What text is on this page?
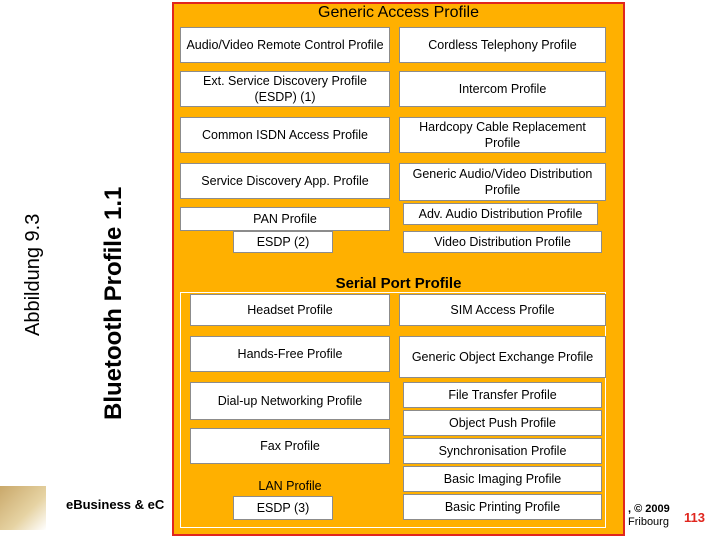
Abbildung 9.3 Bluetooth Profile 1.1
Generic Access Profile
Audio/Video Remote Control Profile
Ext. Service Discovery Profile (ESDP) (1)
Common ISDN Access Profile
Service Discovery App. Profile
PAN Profile
ESDP (2)
Cordless Telephony Profile
Intercom Profile
Hardcopy Cable Replacement Profile
Generic Audio/Video Distribution Profile
Adv. Audio Distribution Profile
Video Distribution Profile
Serial Port Profile
Headset Profile
Hands-Free Profile
Dial-up Networking Profile
Fax Profile
LAN Profile
ESDP (3)
SIM Access Profile
Generic Object Exchange Profile
File Transfer Profile
Object Push Profile
Synchronisation Profile
Basic Imaging Profile
Basic Printing Profile
eBusiness & eC	, © 2009
Fribourg 113
